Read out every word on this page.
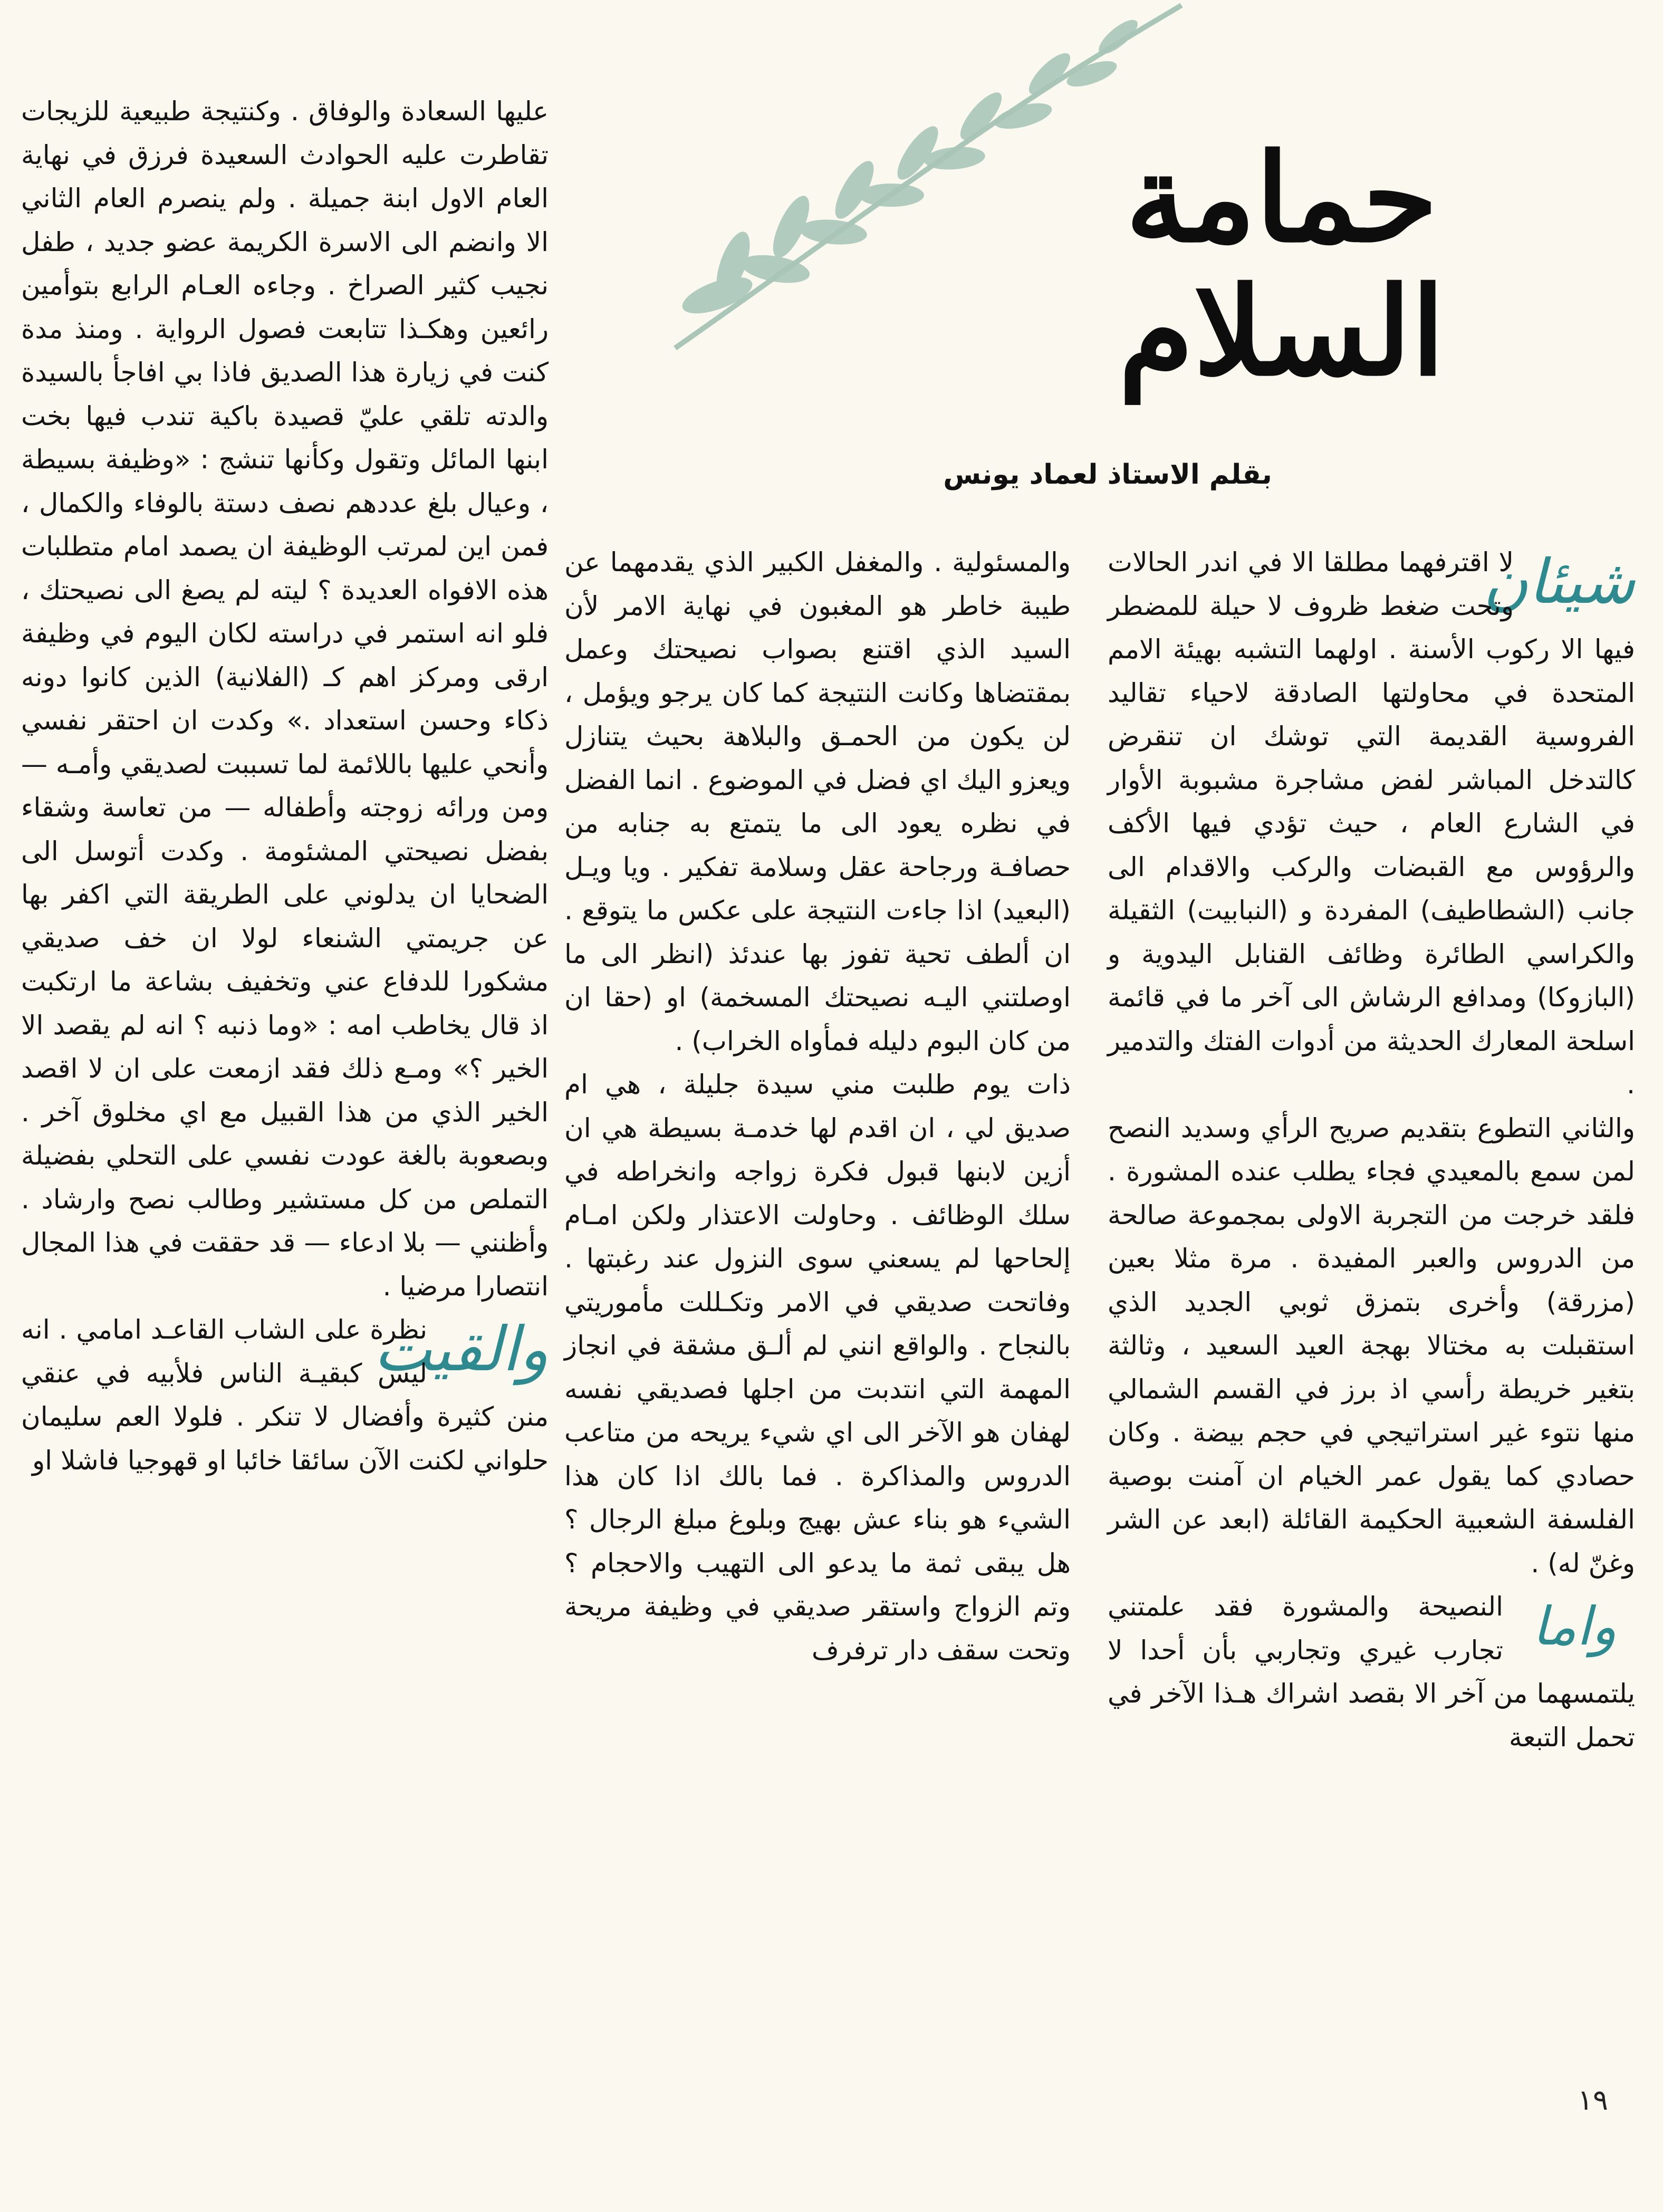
حمامة السلام
بقلم الاستاذ لعماد يونس

شيئان
لا اقترفهما مطلقا الا في اندر الحالات وتحت ضغط ظروف لا حيلة للمضطر فيها الا ركوب الأسنة . اولهما التشبه بهيئة الامم المتحدة في محاولتها الصادقة لاحياء تقاليد الفروسية القديمة التي توشك ان تنقرض كالتدخل المباشر لفض مشاجرة مشبوبة الأوار في الشارع العام ، حيث تؤدي فيها الأكف والرؤوس مع القبضات والركب والاقدام الى جانب (الشطاطيف) المفردة و (النبابيت) الثقيلة والكراسي الطائرة وظائف القنابل اليدوية و (البازوكا) ومدافع الرشاش الى آخر ما في قائمة اسلحة المعارك الحديثة من أدوات الفتك والتدمير .

والثاني التطوع بتقديم صريح الرأي وسديد النصح لمن سمع بالمعيدي فجاء يطلب عنده المشورة . فلقد خرجت من التجربة الاولى بمجموعة صالحة من الدروس والعبر المفيدة . مرة مثلا بعين (مزرقة) وأخرى بتمزق ثوبي الجديد الذي استقبلت به مختالا بهجة العيد السعيد ، وثالثة بتغير خريطة رأسي اذ برز في القسم الشمالي منها نتوء غير استراتيجي في حجم بيضة . وكان حصادي كما يقول عمر الخيام ان آمنت بوصية الفلسفة الشعبية الحكيمة القائلة (ابعد عن الشر وغنّ له) .

واما
النصيحة والمشورة فقد علمتني تجارب غيري وتجاربي بأن أحدا لا يلتمسهما من آخر الا بقصد اشراك هـذا الآخر في تحمل التبعة

والمسئولية . والمغفل الكبير الذي يقدمهما عن طيبة خاطر هو المغبون في نهاية الامر لأن السيد الذي اقتنع بصواب نصيحتك وعمل بمقتضاها وكانت النتيجة كما كان يرجو ويؤمل ، لن يكون من الحمـق والبلاهة بحيث يتنازل ويعزو اليك اي فضل في الموضوع . انما الفضل في نظره يعود الى ما يتمتع به جنابه من حصافـة ورجاحة عقل وسلامة تفكير . ويا ويـل (البعيد) اذا جاءت النتيجة على عكس ما يتوقع . ان ألطف تحية تفوز بها عندئذ (انظر الى ما اوصلتني اليـه نصيحتك المسخمة) او (حقا ان من كان البوم دليله فمأواه الخراب) .

ذات يوم طلبت مني سيدة جليلة ، هي ام صديق لي ، ان اقدم لها خدمـة بسيطة هي ان أزين لابنها قبول فكرة زواجه وانخراطه في سلك الوظائف . وحاولت الاعتذار ولكن امـام إلحاحها لم يسعني سوى النزول عند رغبتها . وفاتحت صديقي في الامر وتكـللت مأموريتي بالنجاح . والواقع انني لم ألـق مشقة في انجاز المهمة التي انتدبت من اجلها فصديقي نفسه لهفان هو الآخر الى اي شيء يريحه من متاعب الدروس والمذاكرة . فما بالك اذا كان هذا الشيء هو بناء عش بهيج وبلوغ مبلغ الرجال ؟ هل يبقى ثمة ما يدعو الى التهيب والاحجام ؟ وتم الزواج واستقر صديقي في وظيفة مريحة وتحت سقف دار ترفرف

عليها السعادة والوفاق . وكنتيجة طبيعية للزيجات تقاطرت عليه الحوادث السعيدة فرزق في نهاية العام الاول ابنة جميلة . ولم ينصرم العام الثاني الا وانضم الى الاسرة الكريمة عضو جديد ، طفل نجيب كثير الصراخ . وجاءه العـام الرابع بتوأمين رائعين وهكـذا تتابعت فصول الرواية . ومنذ مدة كنت في زيارة هذا الصديق فاذا بي افاجأ بالسيدة والدته تلقي عليّ قصيدة باكية تندب فيها بخت ابنها المائل وتقول وكأنها تنشج : «وظيفة بسيطة ، وعيال بلغ عددهم نصف دستة بالوفاء والكمال ، فمن اين لمرتب الوظيفة ان يصمد امام متطلبات هذه الافواه العديدة ؟ ليته لم يصغ الى نصيحتك ، فلو انه استمر في دراسته لكان اليوم في وظيفة ارقى ومركز اهم كـ (الفلانية) الذين كانوا دونه ذكاء وحسن استعداد .» وكدت ان احتقر نفسي وأنحي عليها باللائمة لما تسببت لصديقي وأمـه — ومن ورائه زوجته وأطفاله — من تعاسة وشقاء بفضل نصيحتي المشئومة . وكدت أتوسل الى الضحايا ان يدلوني على الطريقة التي اكفر بها عن جريمتي الشنعاء لولا ان خف صديقي مشكورا للدفاع عني وتخفيف بشاعة ما ارتكبت اذ قال يخاطب امه : «وما ذنبه ؟ انه لم يقصد الا الخير ؟» ومـع ذلك فقد ازمعت على ان لا اقصد الخير الذي من هذا القبيل مع اي مخلوق آخر . وبصعوبة بالغة عودت نفسي على التحلي بفضيلة التملص من كل مستشير وطالب نصح وارشاد . وأظنني — بلا ادعاء — قد حققت في هذا المجال انتصارا مرضيا .

والقيت
نظرة على الشاب القاعـد امامي . انه ليس كبقيـة الناس فلأبيه في عنقي منن كثيرة وأفضال لا تنكر . فلولا العم سليمان حلواني لكنت الآن سائقا خائبا او قهوجيا فاشلا او

١٩
